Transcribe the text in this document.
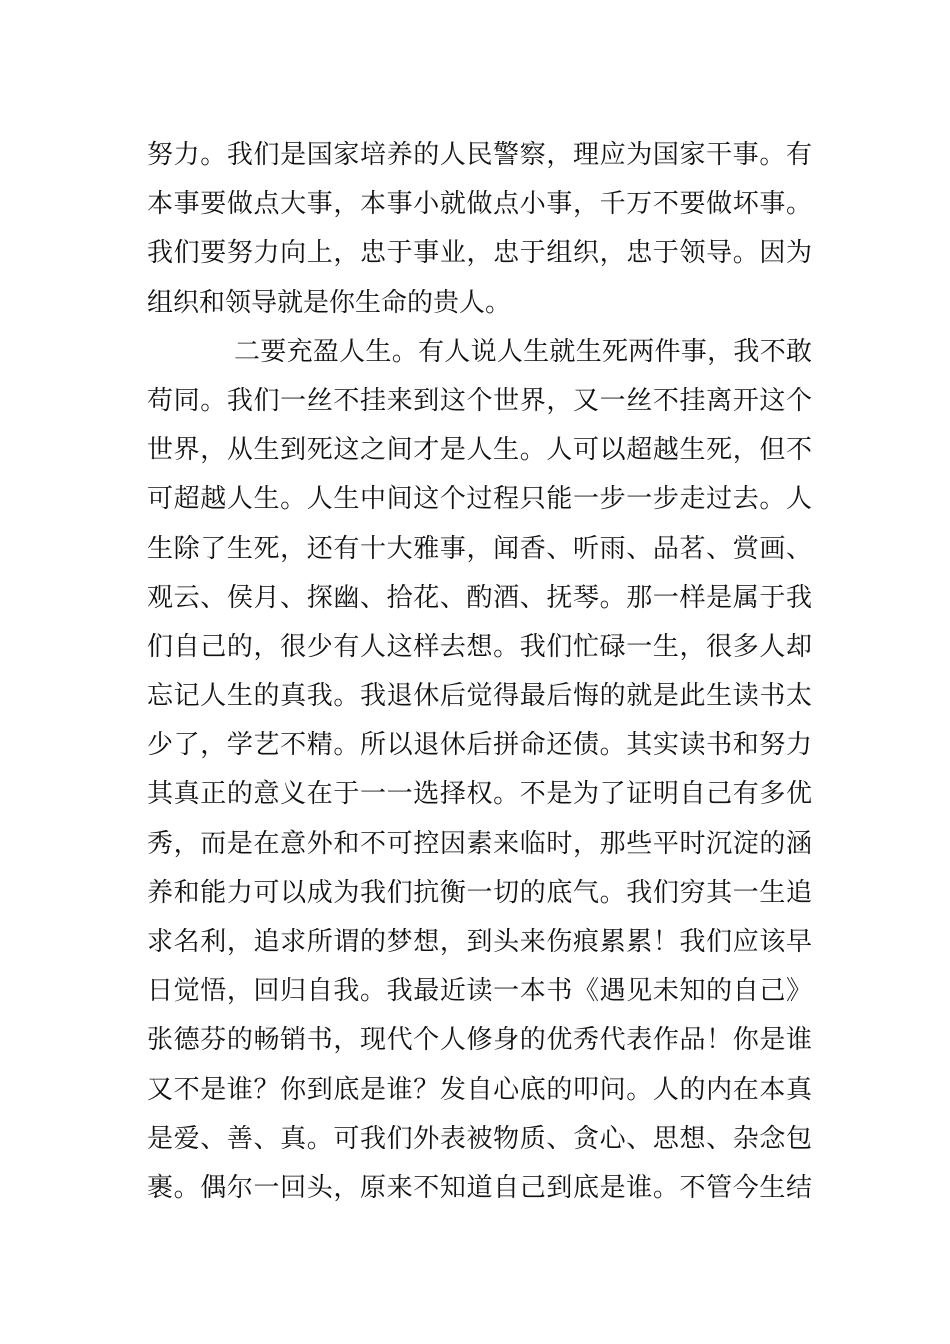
努力。我们是国家培养的人民警察，理应为国家干事。有
本事要做点大事，本事小就做点小事，千万不要做坏事。
我们要努力向上，忠于事业，忠于组织，忠于领导。因为
组织和领导就是你生命的贵人。
二要充盈人生。有人说人生就生死两件事，我不敢
苟同。我们一丝不挂来到这个世界，又一丝不挂离开这个
世界，从生到死这之间才是人生。人可以超越生死，但不
可超越人生。人生中间这个过程只能一步一步走过去。人
生除了生死，还有十大雅事，闻香、听雨、品茗、赏画、
观云、侯月、探幽、拾花、酌酒、抚琴。那一样是属于我
们自己的，很少有人这样去想。我们忙碌一生，很多人却
忘记人生的真我。我退休后觉得最后悔的就是此生读书太
少了，学艺不精。所以退休后拼命还债。其实读书和努力
其真正的意义在于一一选择权。不是为了证明自己有多优
秀，而是在意外和不可控因素来临时，那些平时沉淀的涵
养和能力可以成为我们抗衡一切的底气。我们穷其一生追
求名利，追求所谓的梦想，到头来伤痕累累！我们应该早
日觉悟，回归自我。我最近读一本书《遇见未知的自己》
张德芬的畅销书，现代个人修身的优秀代表作品！你是谁
又不是谁？你到底是谁？发自心底的叩问。人的内在本真
是爱、善、真。可我们外表被物质、贪心、思想、杂念包
裹。偶尔一回头，原来不知道自己到底是谁。不管今生结
